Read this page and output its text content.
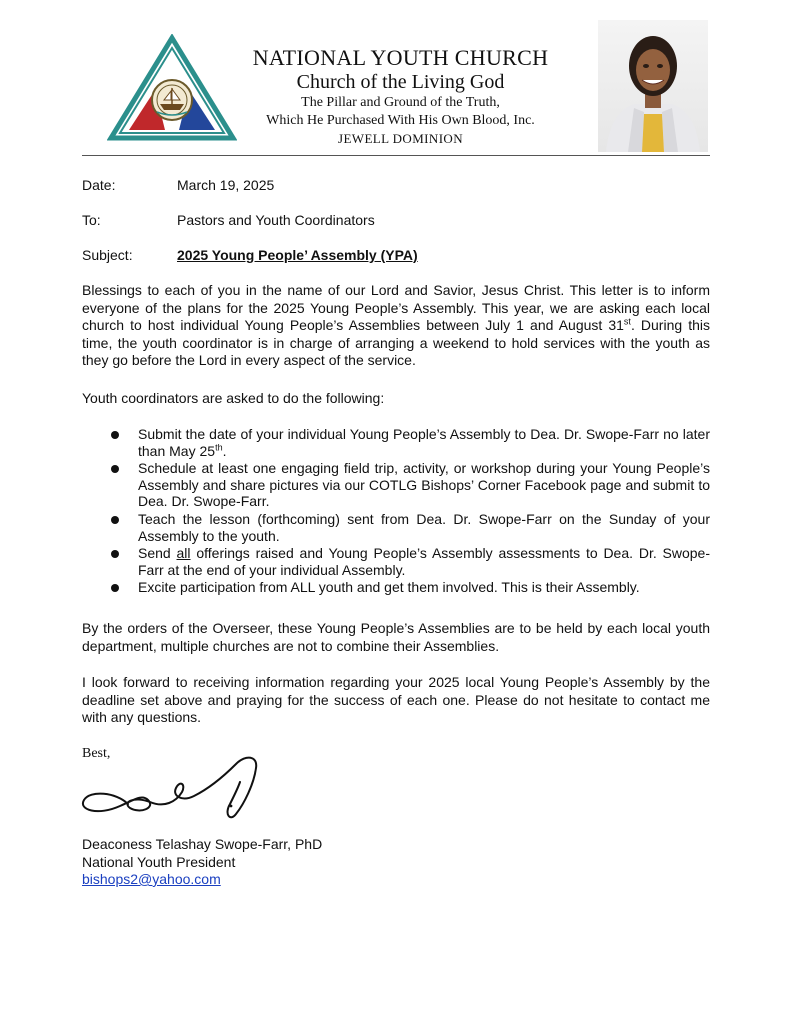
NATIONAL YOUTH CHURCH
Church of the Living God
The Pillar and Ground of the Truth,
Which He Purchased With His Own Blood, Inc.
JEWELL DOMINION
Date:	March 19, 2025
To:	Pastors and Youth Coordinators
Subject:	2025 Young People’ Assembly (YPA)

Blessings to each of you in the name of our Lord and Savior, Jesus Christ. This letter is to inform everyone of the plans for the 2025 Young People’s Assembly. This year, we are asking each local church to host individual Young People’s Assemblies between July 1 and August 31st. During this time, the youth coordinator is in charge of arranging a weekend to hold services with the youth as they go before the Lord in every aspect of the service.

Youth coordinators are asked to do the following:

Submit the date of your individual Young People’s Assembly to Dea. Dr. Swope-Farr no later than May 25th.
Schedule at least one engaging field trip, activity, or workshop during your Young People’s Assembly and share pictures via our COTLG Bishops’ Corner Facebook page and submit to Dea. Dr. Swope-Farr.
Teach the lesson (forthcoming) sent from Dea. Dr. Swope-Farr on the Sunday of your Assembly to the youth.
Send all offerings raised and Young People’s Assembly assessments to Dea. Dr. Swope-Farr at the end of your individual Assembly.
Excite participation from ALL youth and get them involved. This is their Assembly.

By the orders of the Overseer, these Young People’s Assemblies are to be held by each local youth department, multiple churches are not to combine their Assemblies.

I look forward to receiving information regarding your 2025 local Young People’s Assembly by the deadline set above and praying for the success of each one. Please do not hesitate to contact me with any questions.

Best,
Deaconess Telashay Swope-Farr, PhD
National Youth President
bishops2@yahoo.com
